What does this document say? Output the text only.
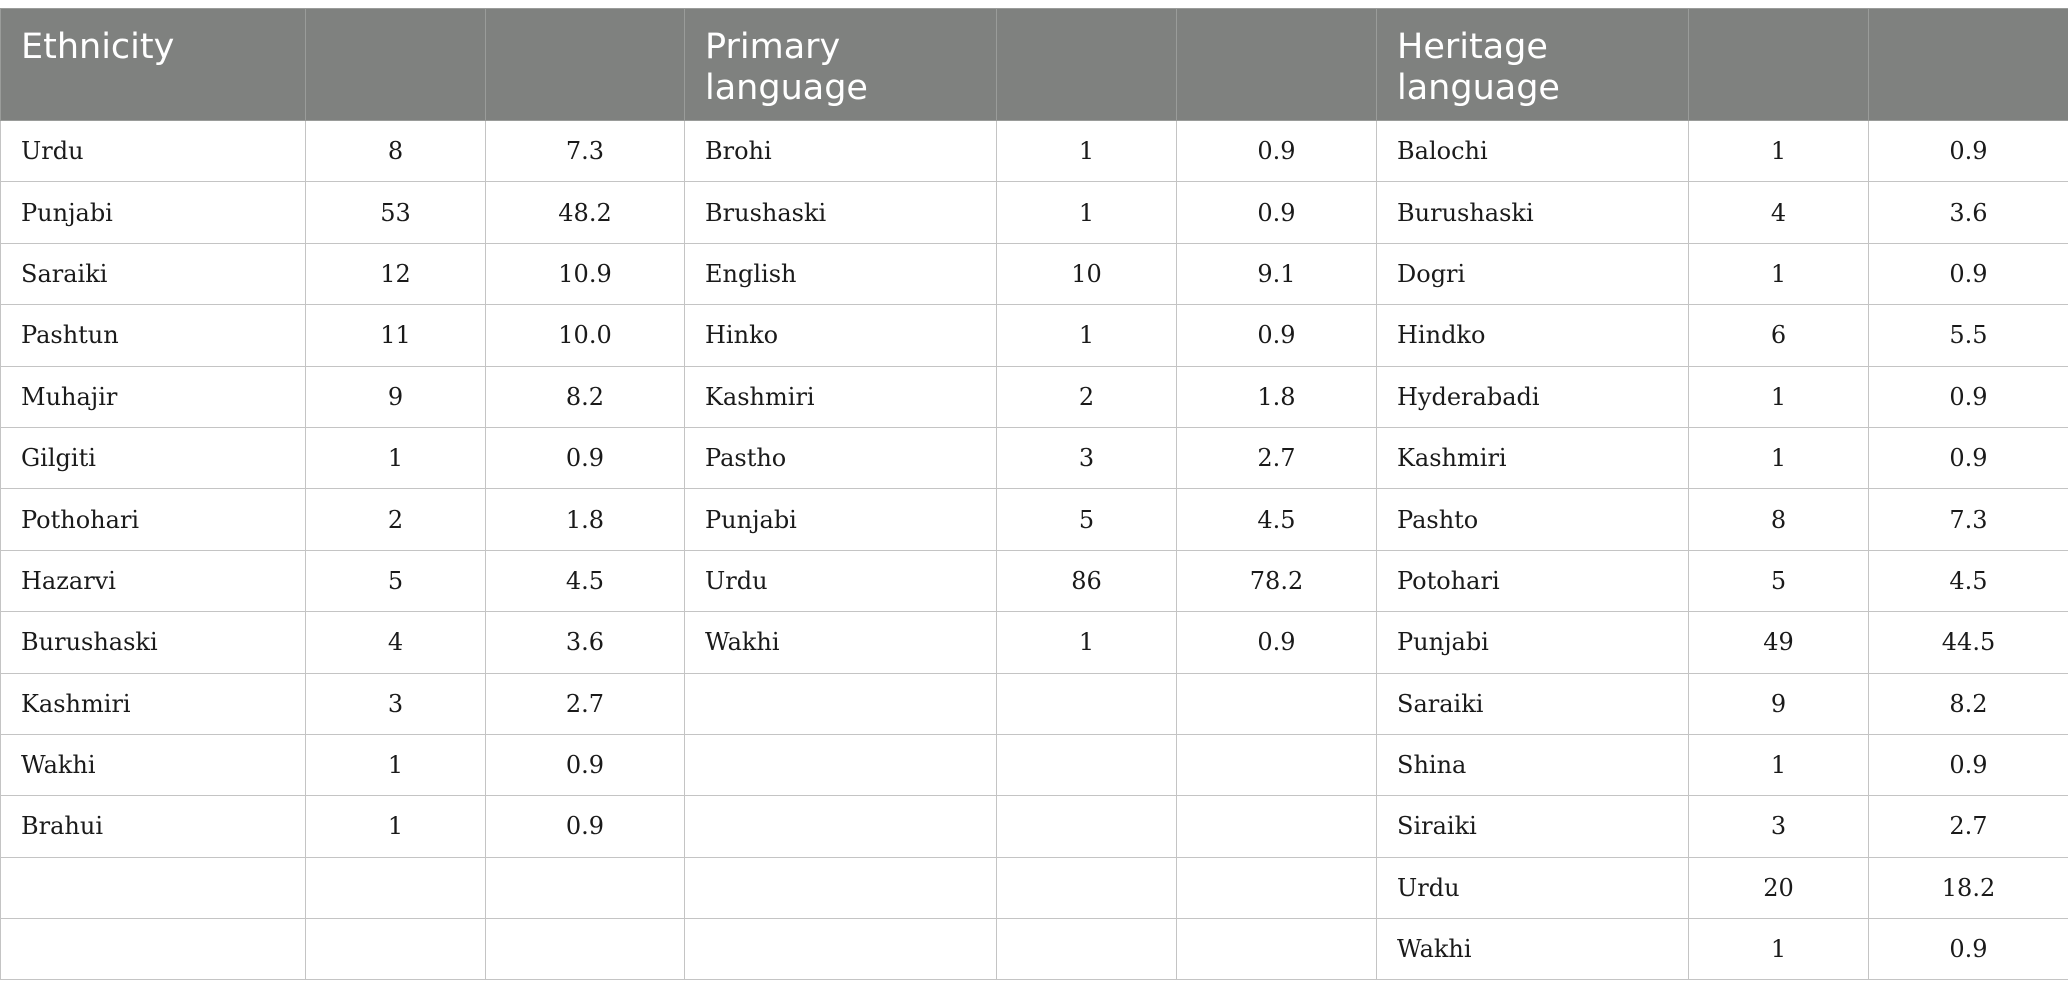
Ethnicity			Primary language			Heritage language		
Urdu	8	7.3	Brohi	1	0.9	Balochi	1	0.9
Punjabi	53	48.2	Brushaski	1	0.9	Burushaski	4	3.6
Saraiki	12	10.9	English	10	9.1	Dogri	1	0.9
Pashtun	11	10.0	Hinko	1	0.9	Hindko	6	5.5
Muhajir	9	8.2	Kashmiri	2	1.8	Hyderabadi	1	0.9
Gilgiti	1	0.9	Pastho	3	2.7	Kashmiri	1	0.9
Pothohari	2	1.8	Punjabi	5	4.5	Pashto	8	7.3
Hazarvi	5	4.5	Urdu	86	78.2	Potohari	5	4.5
Burushaski	4	3.6	Wakhi	1	0.9	Punjabi	49	44.5
Kashmiri	3	2.7				Saraiki	9	8.2
Wakhi	1	0.9				Shina	1	0.9
Brahui	1	0.9				Siraiki	3	2.7
						Urdu	20	18.2
						Wakhi	1	0.9
